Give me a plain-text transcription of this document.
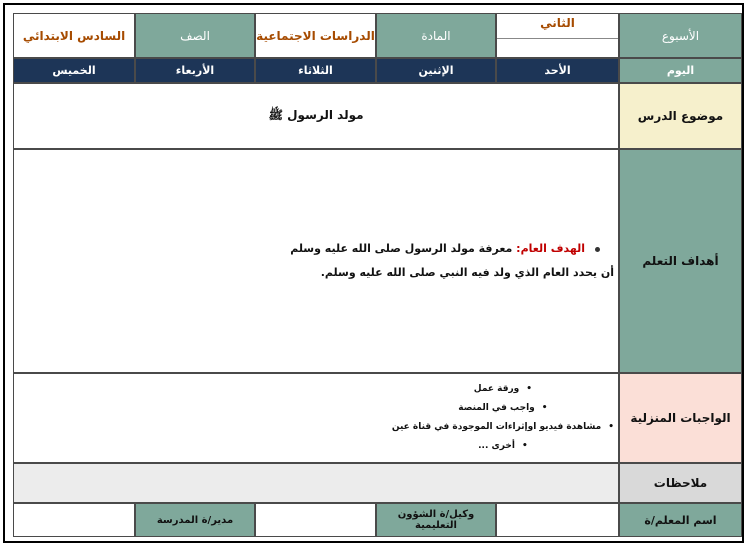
الأسبوع
الثاني
المادة
الدراسات الاجتماعية
الصف
السادس الابتدائي
اليوم
الأحد
الإثنين
الثلاثاء
الأربعاء
الخميس
موضوع الدرس
مولد الرسول ﷺ
أهداف التعلم
الهدف العام: معرفة مولد الرسول صلى الله عليه وسلم
أن يحدد العام الذي ولد فيه النبي صلى الله عليه وسلم.
الواجبات المنزلية
•ورقة عمل
•واجب في المنصة
•مشاهدة فيديو اوإثراءات الموجودة في قناة عين
•أخرى ...
ملاحظات
اسم المعلم/ة
وكيل/ة الشؤون التعليمية
مدير/ة المدرسة
